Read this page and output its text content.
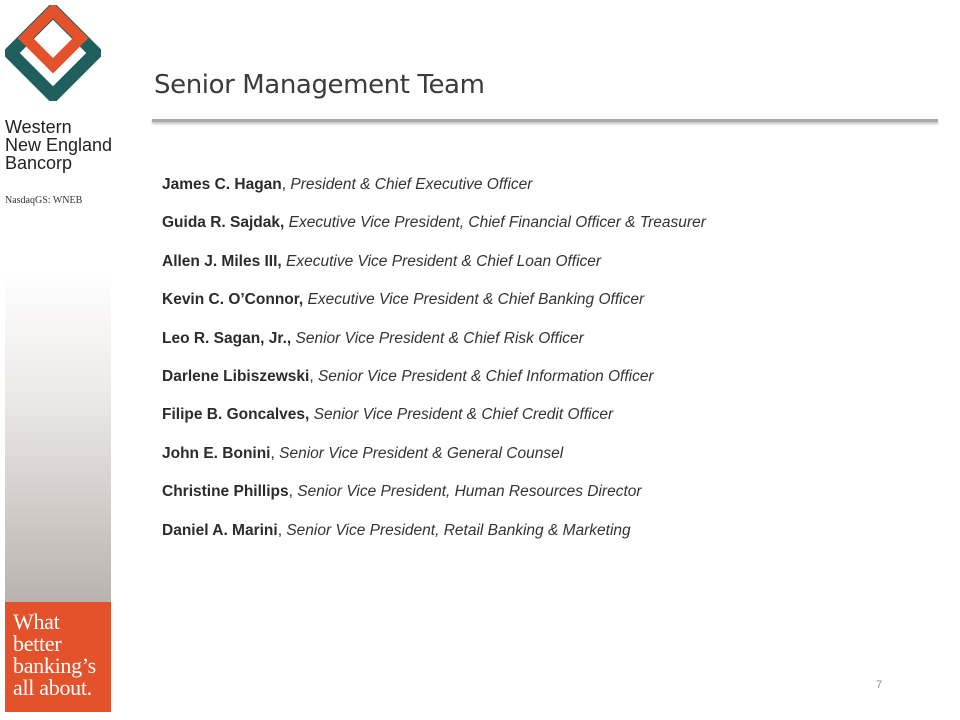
Western
New England
Bancorp
NasdaqGS: WNEB
What
better
banking’s
all about.
Senior Management Team
James C. Hagan, President & Chief Executive Officer
Guida R. Sajdak, Executive Vice President, Chief Financial Officer & Treasurer
Allen J. Miles III, Executive Vice President & Chief Loan Officer
Kevin C. O’Connor, Executive Vice President & Chief Banking Officer
Leo R. Sagan, Jr., Senior Vice President & Chief Risk Officer
Darlene Libiszewski, Senior Vice President & Chief Information Officer
Filipe B. Goncalves, Senior Vice President & Chief Credit Officer
John E. Bonini, Senior Vice President & General Counsel
Christine Phillips, Senior Vice President, Human Resources Director
Daniel A. Marini, Senior Vice President, Retail Banking & Marketing
7
